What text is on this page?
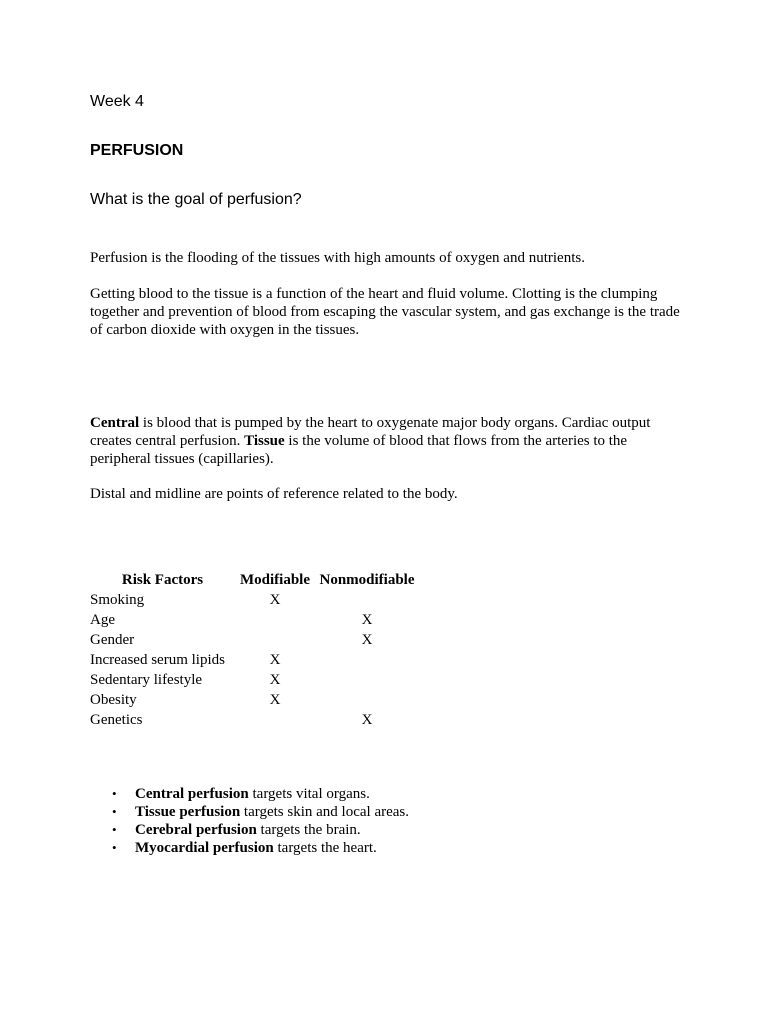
Week 4

PERFUSION

What is the goal of perfusion?

Perfusion is the flooding of the tissues with high amounts of oxygen and nutrients.

Getting blood to the tissue is a function of the heart and fluid volume. Clotting is the clumping together and prevention of blood from escaping the vascular system, and gas exchange is the trade of carbon dioxide with oxygen in the tissues.

Central is blood that is pumped by the heart to oxygenate major body organs. Cardiac output creates central perfusion. Tissue is the volume of blood that flows from the arteries to the peripheral tissues (capillaries).

Distal and midline are points of reference related to the body.

Risk Factors	Modifiable	Nonmodifiable
Smoking	X	
Age		X
Gender		X
Increased serum lipids	X	
Sedentary lifestyle	X	
Obesity	X	
Genetics		X
• Central perfusion targets vital organs.
• Tissue perfusion targets skin and local areas.
• Cerebral perfusion targets the brain.
• Myocardial perfusion targets the heart.
